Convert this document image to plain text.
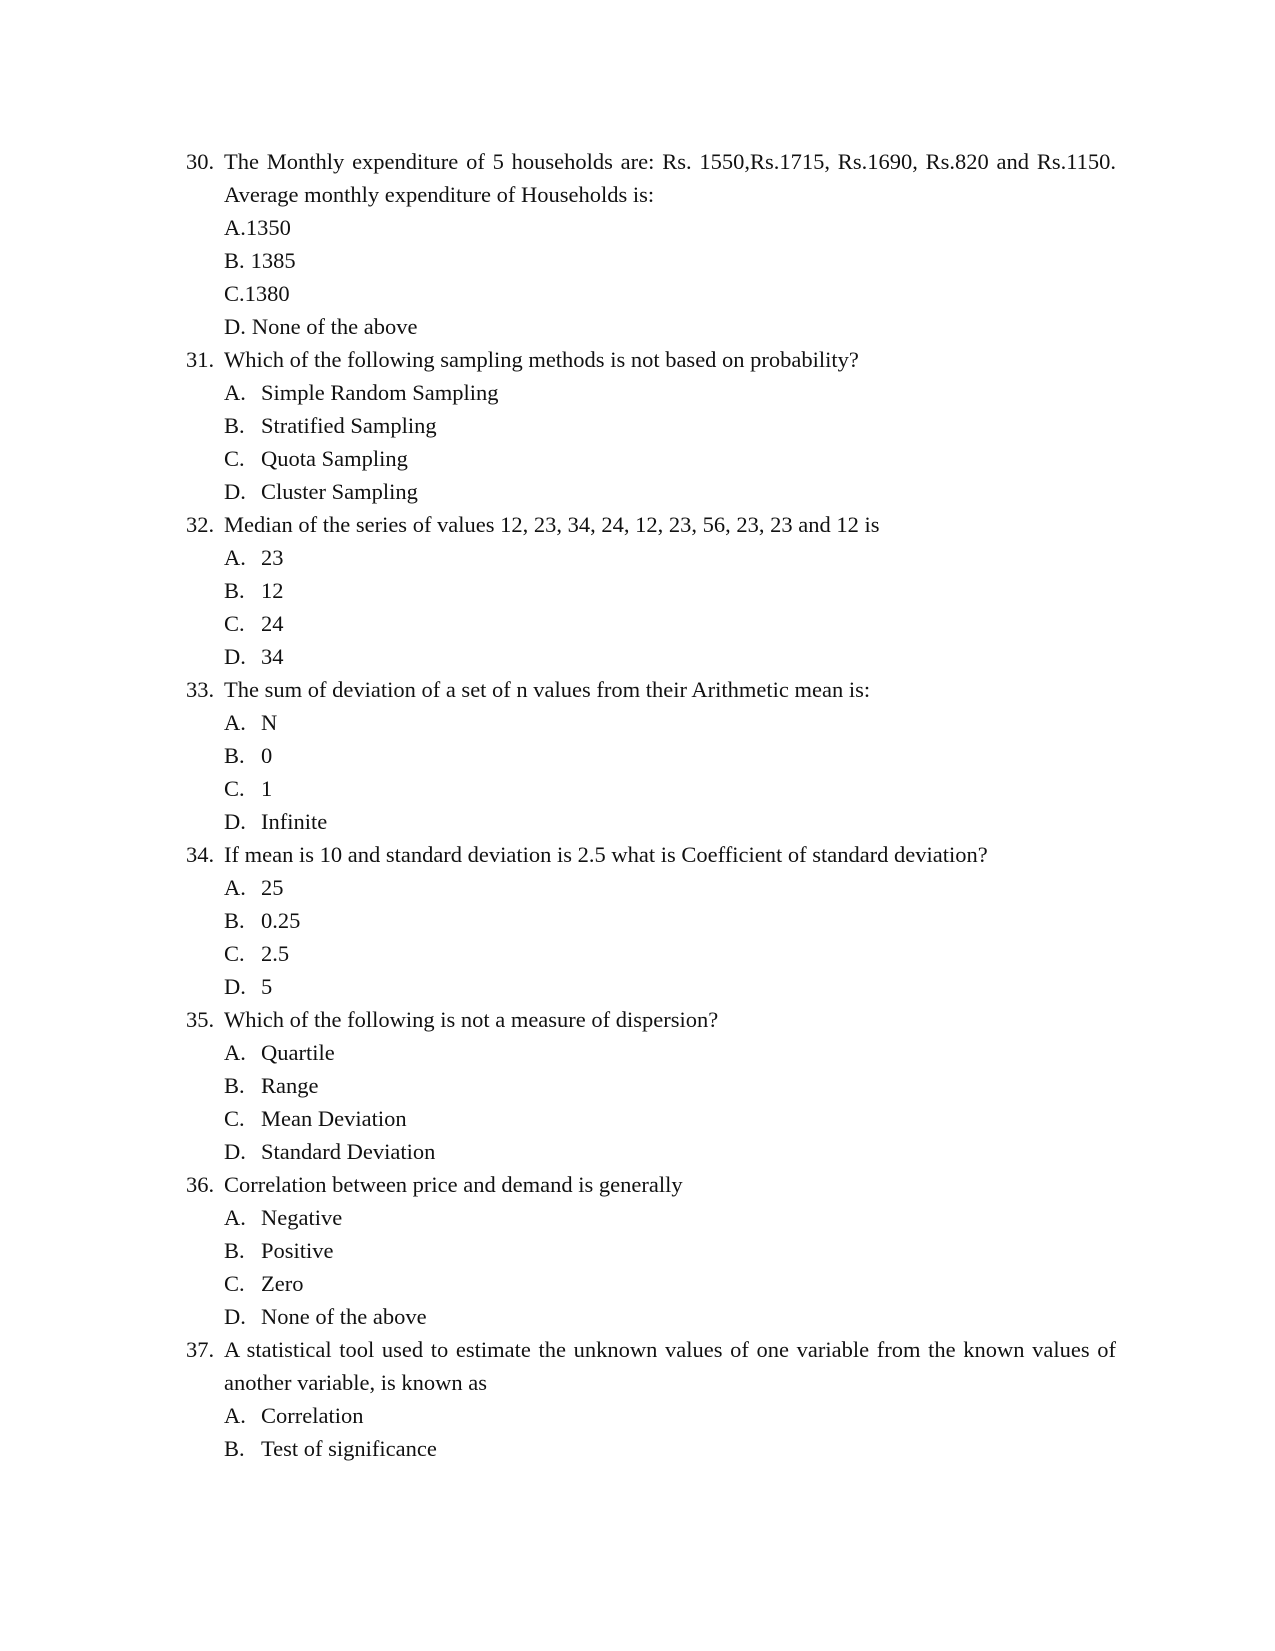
30. The Monthly expenditure of 5 households are: Rs. 1550,Rs.1715, Rs.1690, Rs.820 and Rs.1150. Average monthly expenditure of Households is:
A. 1350
B. 1385
C. 1380
D. None of the above
31. Which of the following sampling methods is not based on probability?
A. Simple Random Sampling
B. Stratified Sampling
C. Quota Sampling
D. Cluster Sampling
32. Median of the series of values 12, 23, 34, 24, 12, 23, 56, 23, 23 and 12 is
A. 23
B. 12
C. 24
D. 34
33. The sum of deviation of a set of n values from their Arithmetic mean is:
A. N
B. 0
C. 1
D. Infinite
34. If mean is 10 and standard deviation is 2.5 what is Coefficient of standard deviation?
A. 25
B. 0.25
C. 2.5
D. 5
35. Which of the following is not a measure of dispersion?
A. Quartile
B. Range
C. Mean Deviation
D. Standard Deviation
36. Correlation between price and demand is generally
A. Negative
B. Positive
C. Zero
D. None of the above
37. A statistical tool used to estimate the unknown values of one variable from the known values of another variable, is known as
A. Correlation
B. Test of significance
